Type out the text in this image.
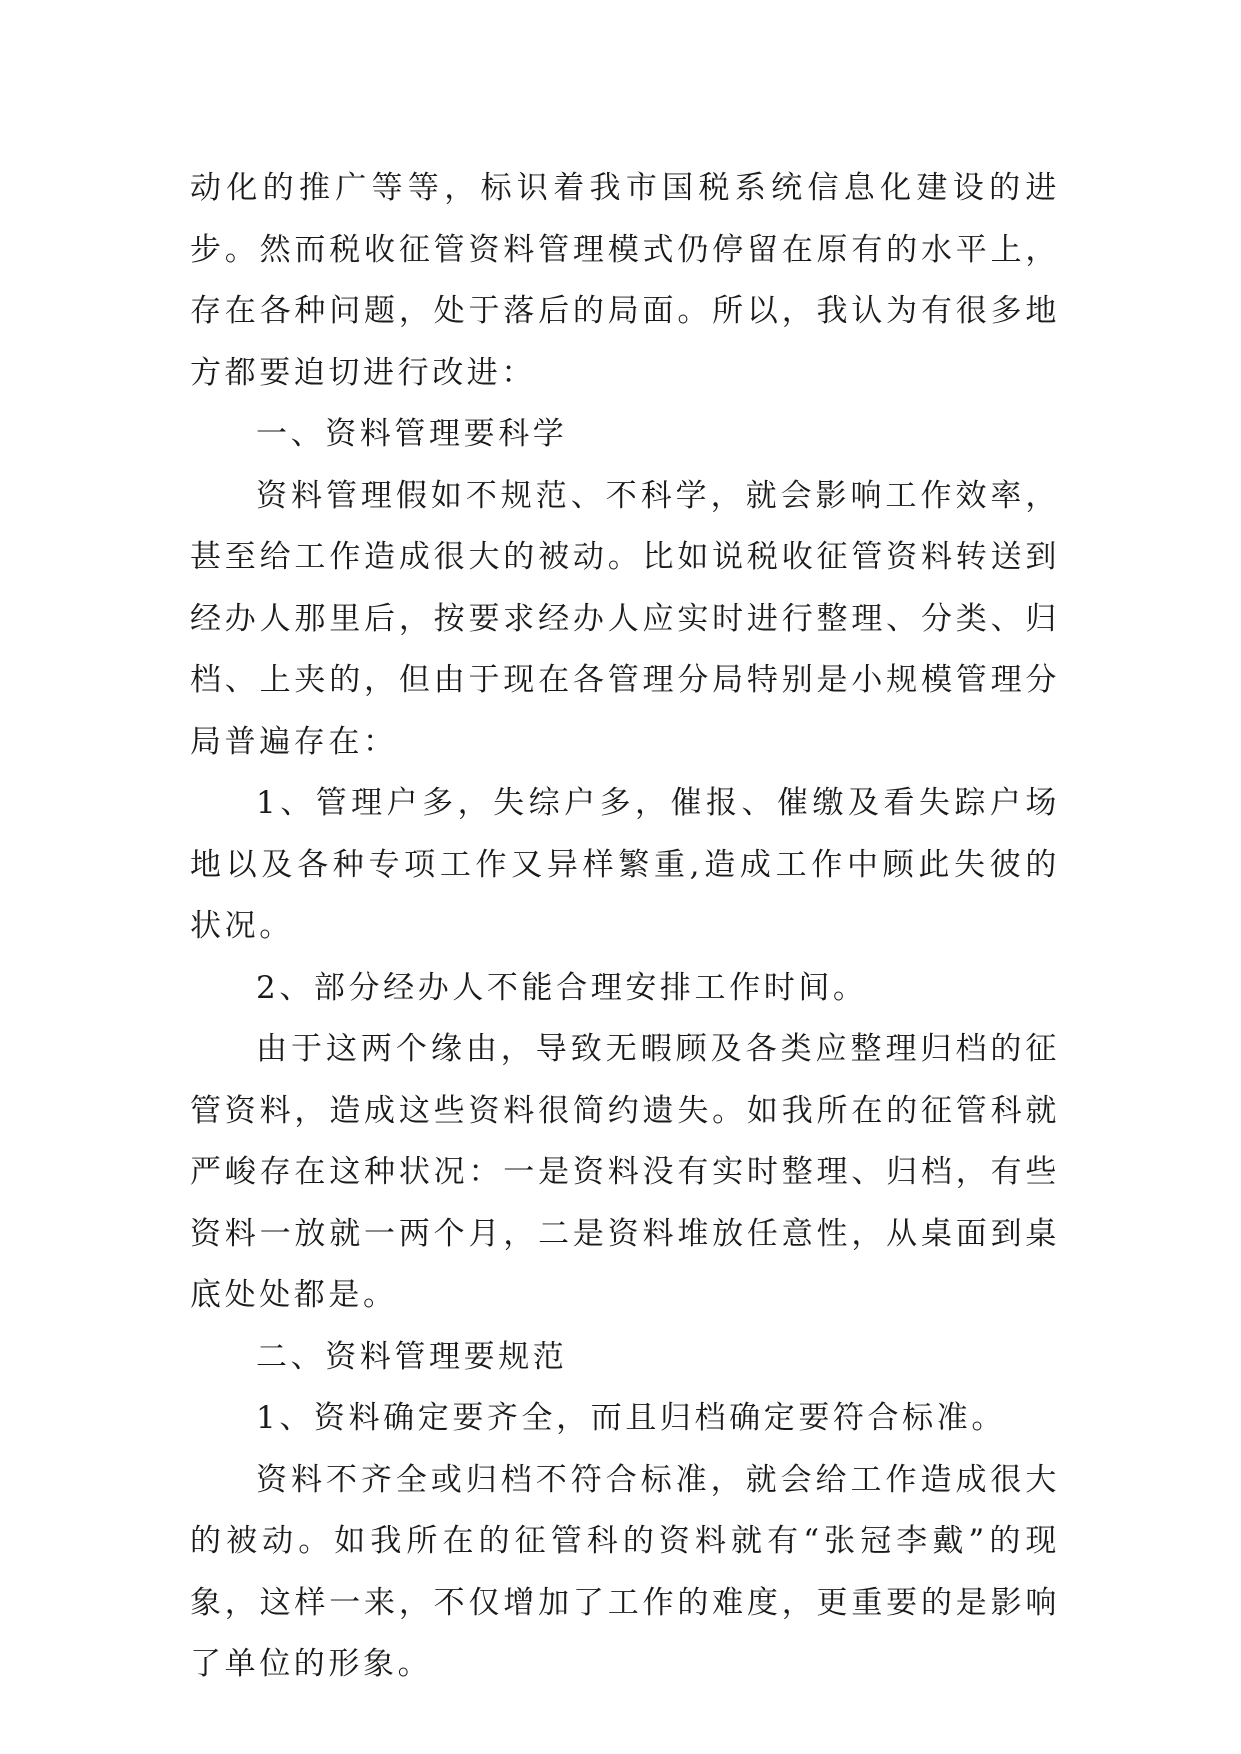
动化的推广等等，标识着我市国税系统信息化建设的进步。然而税收征管资料管理模式仍停留在原有的水平上，存在各种问题，处于落后的局面。所以，我认为有很多地方都要迫切进行改进：

一、资料管理要科学

资料管理假如不规范、不科学，就会影响工作效率，甚至给工作造成很大的被动。比如说税收征管资料转送到经办人那里后，按要求经办人应实时进行整理、分类、归档、上夹的，但由于现在各管理分局特别是小规模管理分局普遍存在：

1、管理户多，失综户多，催报、催缴及看失踪户场地以及各种专项工作又异样繁重,造成工作中顾此失彼的状况。

2、部分经办人不能合理安排工作时间。

由于这两个缘由，导致无暇顾及各类应整理归档的征管资料，造成这些资料很简约遗失。如我所在的征管科就严峻存在这种状况：一是资料没有实时整理、归档，有些资料一放就一两个月，二是资料堆放任意性，从桌面到桌底处处都是。

二、资料管理要规范

1、资料确定要齐全，而且归档确定要符合标准。

资料不齐全或归档不符合标准，就会给工作造成很大的被动。如我所在的征管科的资料就有“张冠李戴”的现象，这样一来，不仅增加了工作的难度，更重要的是影响了单位的形象。
